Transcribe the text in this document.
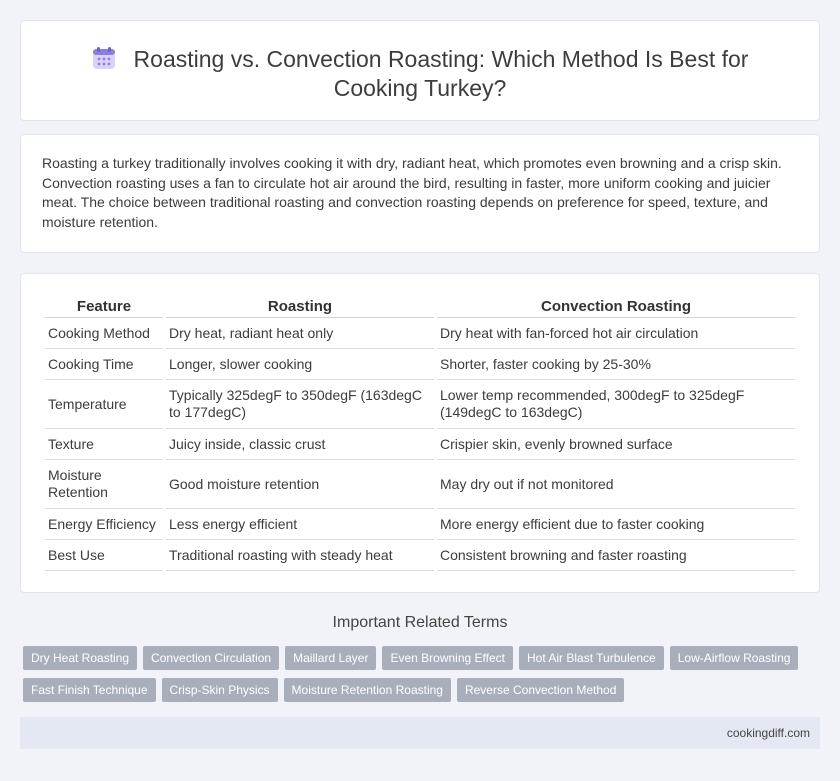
Roasting vs. Convection Roasting: Which Method Is Best for Cooking Turkey?

Roasting a turkey traditionally involves cooking it with dry, radiant heat, which promotes even browning and a crisp skin. Convection roasting uses a fan to circulate hot air around the bird, resulting in faster, more uniform cooking and juicier meat. The choice between traditional roasting and convection roasting depends on preference for speed, texture, and moisture retention.

Feature	Roasting	Convection Roasting
Cooking Method	Dry heat, radiant heat only	Dry heat with fan-forced hot air circulation
Cooking Time	Longer, slower cooking	Shorter, faster cooking by 25-30%
Temperature	Typically 325degF to 350degF (163degC to 177degC)	Lower temp recommended, 300degF to 325degF (149degC to 163degC)
Texture	Juicy inside, classic crust	Crispier skin, evenly browned surface
Moisture Retention	Good moisture retention	May dry out if not monitored
Energy Efficiency	Less energy efficient	More energy efficient due to faster cooking
Best Use	Traditional roasting with steady heat	Consistent browning and faster roasting
Important Related Terms
Dry Heat Roasting	Convection Circulation	Maillard Layer	Even Browning Effect	Hot Air Blast Turbulence	Low-Airflow Roasting
Fast Finish Technique	Crisp-Skin Physics	Moisture Retention Roasting	Reverse Convection Method
cookingdiff.com
